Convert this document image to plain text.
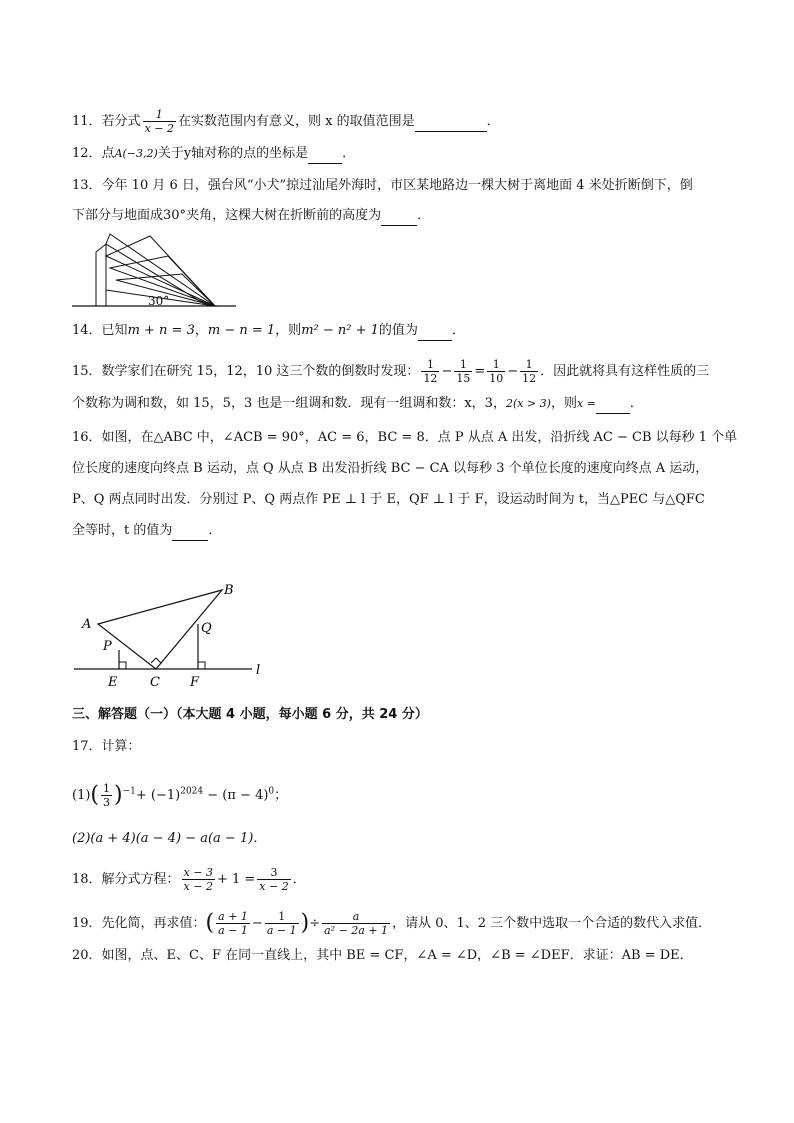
11．若分式 $\frac{1}{x - 2}$ 在实数范围内有意义，则 x 的取值范围是	．
12．点A(−3,2)关于y轴对称的点的坐标是	．
13．今年 10 月 6 日，强台风“小犬”掠过汕尾外海时，市区某地路边一棵大树于离地面 4 米处折断倒下，倒
下部分与地面成30°夹角，这棵大树在折断前的高度为	．
30°
14．已知m + n = 3，m − n = 1，则m² − n² + 1的值为	．
15．数学家们在研究 15，12，10 这三个数的倒数时发现： $\frac{1}{12} - \frac{1}{15} = \frac{1}{10} - \frac{1}{12}$ ．因此就将具有这样性质的三
个数称为调和数，如 15，5，3 也是一组调和数．现有一组调和数：x，3，2(x > 3)，则x =	．
16．如图，在△ABC 中，∠ACB = 90°，AC = 6，BC = 8．点 P 从点 A 出发，沿折线 AC − CB 以每秒 1 个单
位长度的速度向终点 B 运动，点 Q 从点 B 出发沿折线 BC − CA 以每秒 3 个单位长度的速度向终点 A 运动，
P、Q 两点同时出发．分别过 P、Q 两点作 PE ⊥ l 于 E，QF ⊥ l 于 F，设运动时间为 t，当△PEC 与△QFC
全等时，t 的值为	．
A
B
P
Q
E	C F
l
三、解答题（一）（本大题 4 小题，每小题 6 分，共 24 分）
17．计算：
$(1)( \frac{1}{3} )^{-1}+ (-1)^{2024} - (\pi - 4)^0$；
(2)(a + 4)(a − 4) − a(a − 1)．
18．解分式方程： $\frac{x - 3}{x - 2} + 1 = \frac{3}{x - 2}$ ．
19．先化简，再求值：( $\frac{a + 1}{a - 1} - \frac{1}{a - 1}$ )÷ $\frac{a}{\text{a² − 2a + 1}}$ ，请从 0、1、2 三个数中选取一个合适的数代入求值．
20．如图，点、E、C、F 在同一直线上，其中 BE = CF，∠A = ∠D，∠B = ∠DEF．求证：AB = DE．
